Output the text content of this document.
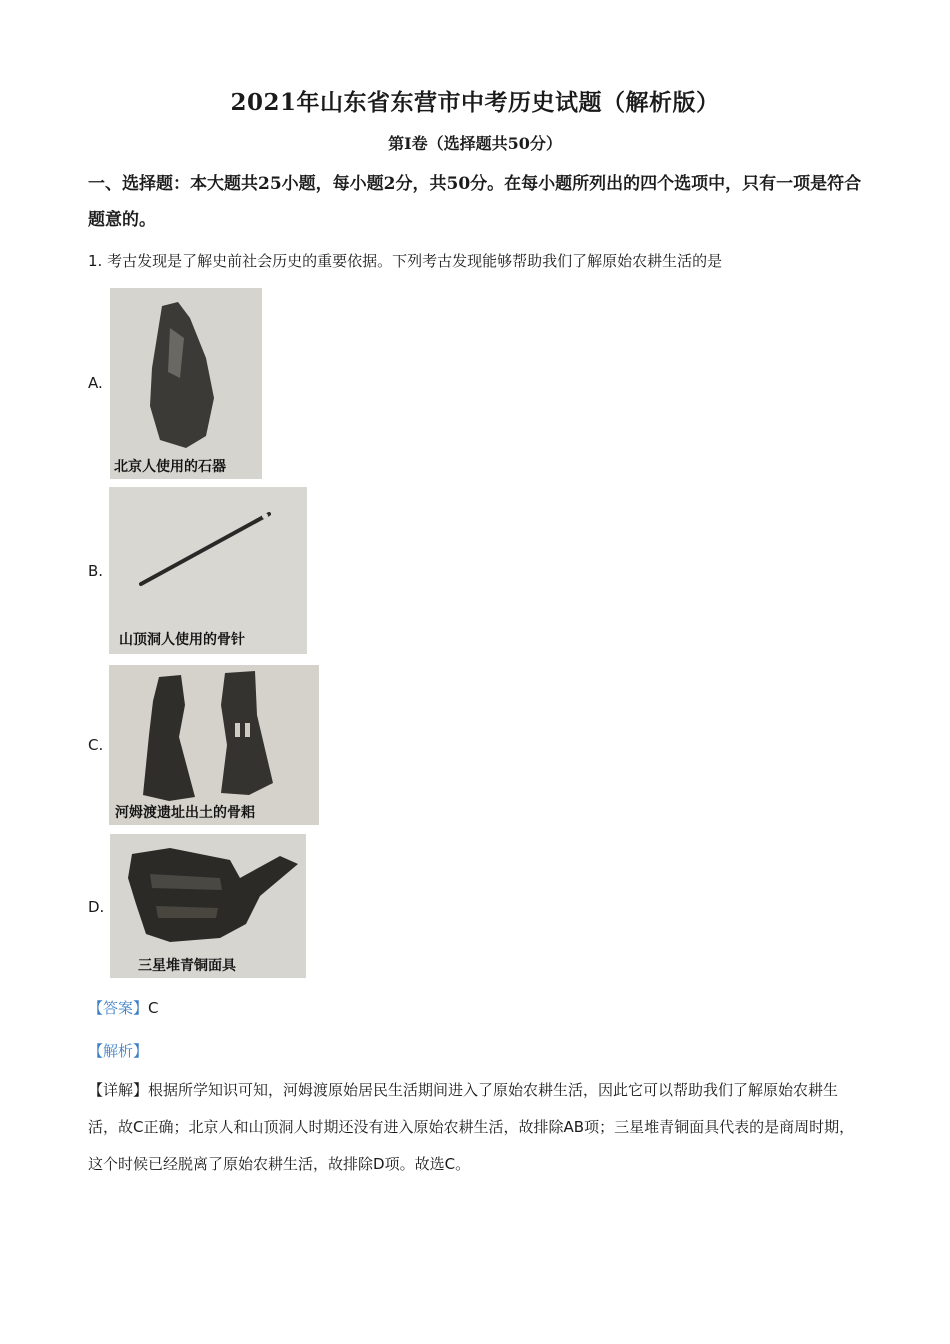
2021年山东省东营市中考历史试题（解析版）
第Ⅰ卷（选择题共50分）
一、选择题：本大题共25小题，每小题2分，共50分。在每小题所列出的四个选项中，只有一项是符合题意的。
1. 考古发现是了解史前社会历史的重要依据。下列考古发现能够帮助我们了解原始农耕生活的是
A.
北京人使用的石器
B.
山顶洞人使用的骨针
C.
河姆渡遗址出土的骨耜
D.
三星堆青铜面具
【答案】C
【解析】
【详解】根据所学知识可知，河姆渡原始居民生活期间进入了原始农耕生活，因此它可以帮助我们了解原始农耕生活，故C正确；北京人和山顶洞人时期还没有进入原始农耕生活，故排除AB项；三星堆青铜面具代表的是商周时期，这个时候已经脱离了原始农耕生活，故排除D项。故选C。
